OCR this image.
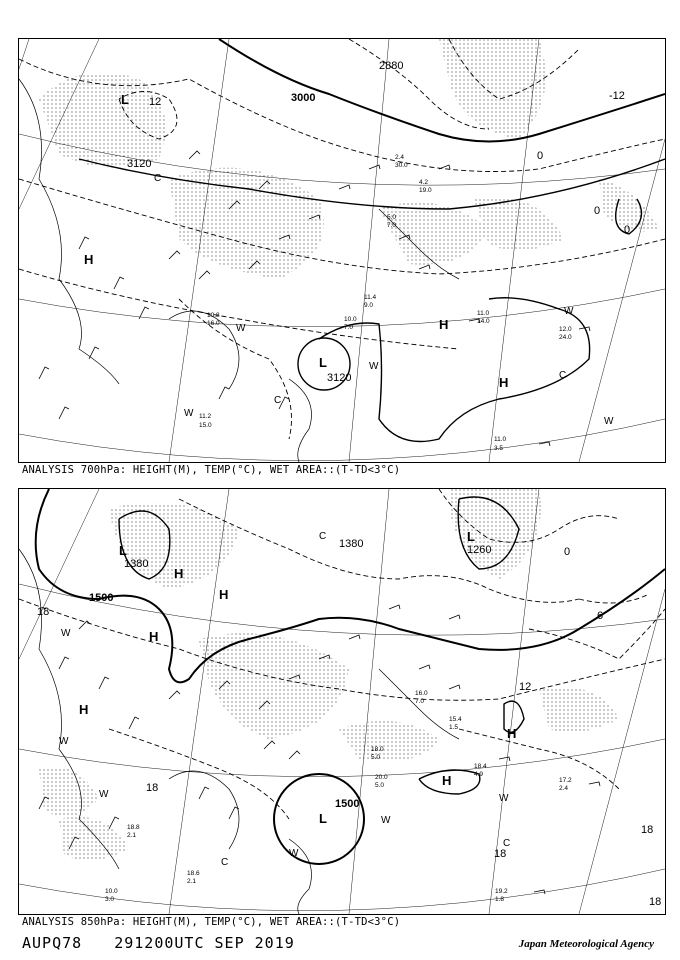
3000
3120
3120
2880
L
L
H
H
H
12	-12
0
0
0
W
W
W
W
W
C
C
C
11.0
14.0
12.0
24.0
11.0
3.5
11.4
9.0
10.0
7.0
11.2
15.0
10.8
16.0
4.2
19.0
2.4
30.0
5.0
7.0
ANALYSIS 700hPa: HEIGHT(M), TEMP(°C), WET AREA::(T-TD<3°C)
1500
1500
1380
1380	1260
L
L
L
H
H
H
H
H
H
18
18
18
18
12
6
0
18
W
W
W
W
W
W
C
C
C
17.2
2.4
18.4
4.9
19.2
1.8
18.0
5.0
20.0
5.0
15.4
1.5
16.0
7.0
18.8
2.1
18.6
2.1
10.0
3.0
ANALYSIS 850hPa: HEIGHT(M), TEMP(°C), WET AREA::(T-TD<3°C)
AUPQ78 291200UTC SEP 2019	Japan Meteorological Agency
